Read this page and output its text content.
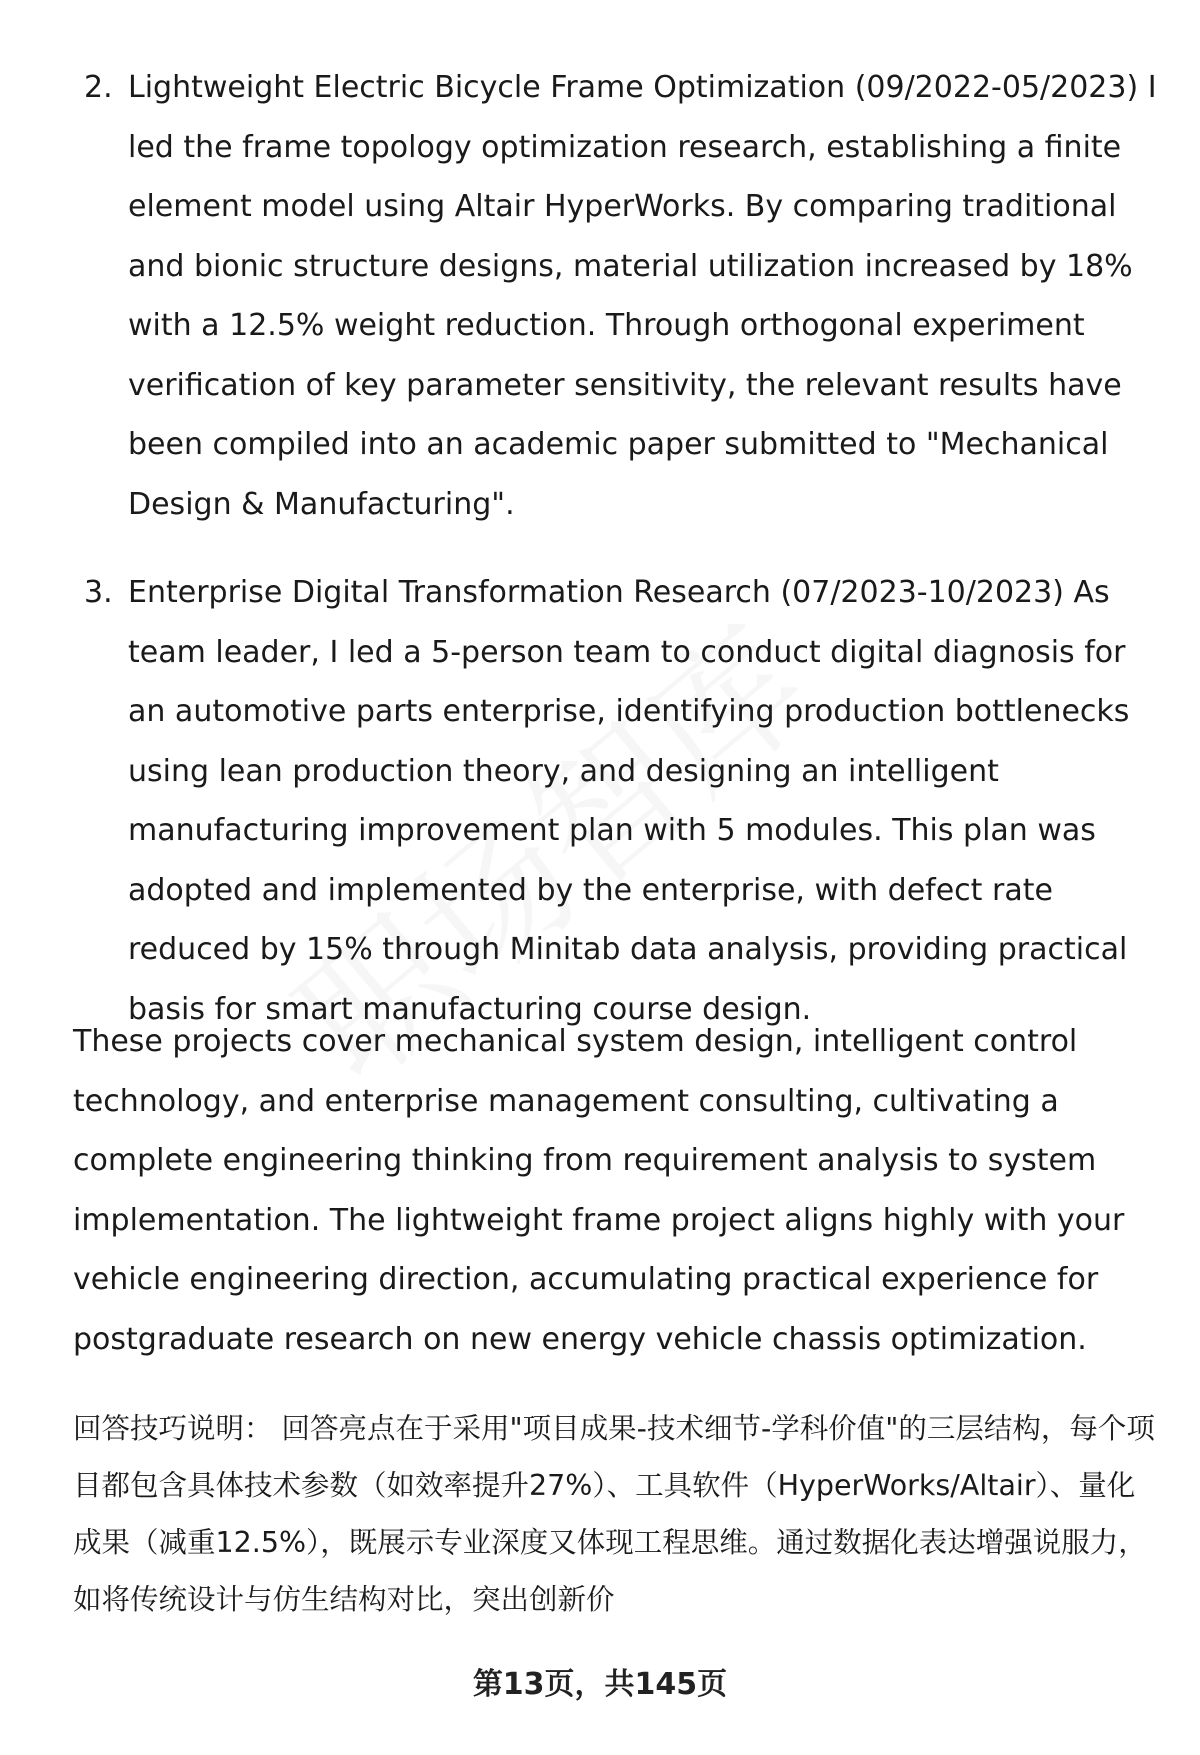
2. Lightweight Electric Bicycle Frame Optimization (09/2022-05/2023) I led the frame topology optimization research, establishing a finite element model using Altair HyperWorks. By comparing traditional and bionic structure designs, material utilization increased by 18% with a 12.5% weight reduction. Through orthogonal experiment verification of key parameter sensitivity, the relevant results have been compiled into an academic paper submitted to "Mechanical Design & Manufacturing".
3. Enterprise Digital Transformation Research (07/2023-10/2023) As team leader, I led a 5-person team to conduct digital diagnosis for an automotive parts enterprise, identifying production bottlenecks using lean production theory, and designing an intelligent manufacturing improvement plan with 5 modules. This plan was adopted and implemented by the enterprise, with defect rate reduced by 15% through Minitab data analysis, providing practical basis for smart manufacturing course design.

These projects cover mechanical system design, intelligent control technology, and enterprise management consulting, cultivating a complete engineering thinking from requirement analysis to system implementation. The lightweight frame project aligns highly with your vehicle engineering direction, accumulating practical experience for postgraduate research on new energy vehicle chassis optimization.

回答技巧说明： 回答亮点在于采用"项目成果-技术细节-学科价值"的三层结构，每个项目都包含具体技术参数（如效率提升27%）、工具软件（HyperWorks/Altair）、量化成果（减重12.5%），既展示专业深度又体现工程思维。通过数据化表达增强说服力，如将传统设计与仿生结构对比，突出创新价

第13页，共145页
